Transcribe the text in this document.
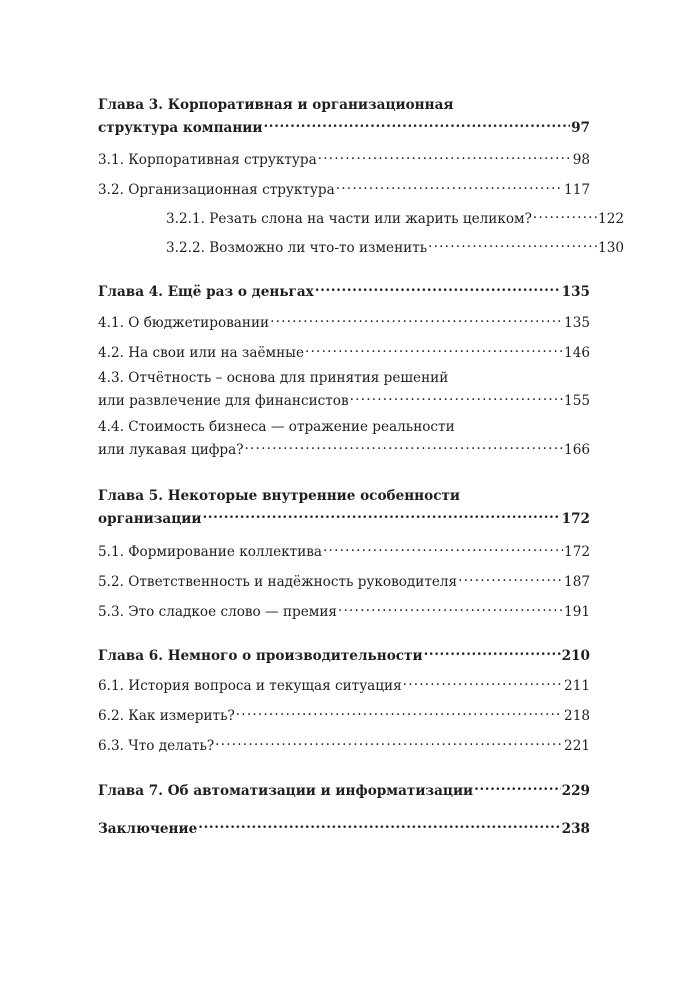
Глава 3. Корпоративная и организационная
структура компании .....	97
3.1. Корпоративная структура .....	98
3.2. Организационная структура .....	117
3.2.1. Резать слона на части или жарить целиком? .....	122
3.2.2. Возможно ли что-то изменить .....	130
Глава 4. Ещё раз о деньгах .....	135
4.1. О бюджетировании .....	135
4.2. На свои или на заёмные .....	146
4.3. Отчётность – основа для принятия решений
или развлечение для финансистов .....	155
4.4. Стоимость бизнеса — отражение реальности
или лукавая цифра? .....	166
Глава 5. Некоторые внутренние особенности
организации .....	172
5.1. Формирование коллектива .....	172
5.2. Ответственность и надёжность руководителя .....	187
5.3. Это сладкое слово — премия .....	191
Глава 6. Немного о производительности .....	210
6.1. История вопроса и текущая ситуация .....	211
6.2. Как измерить? .....	218
6.3. Что делать? .....	221
Глава 7. Об автоматизации и информатизации .....	229
Заключение .....	238
